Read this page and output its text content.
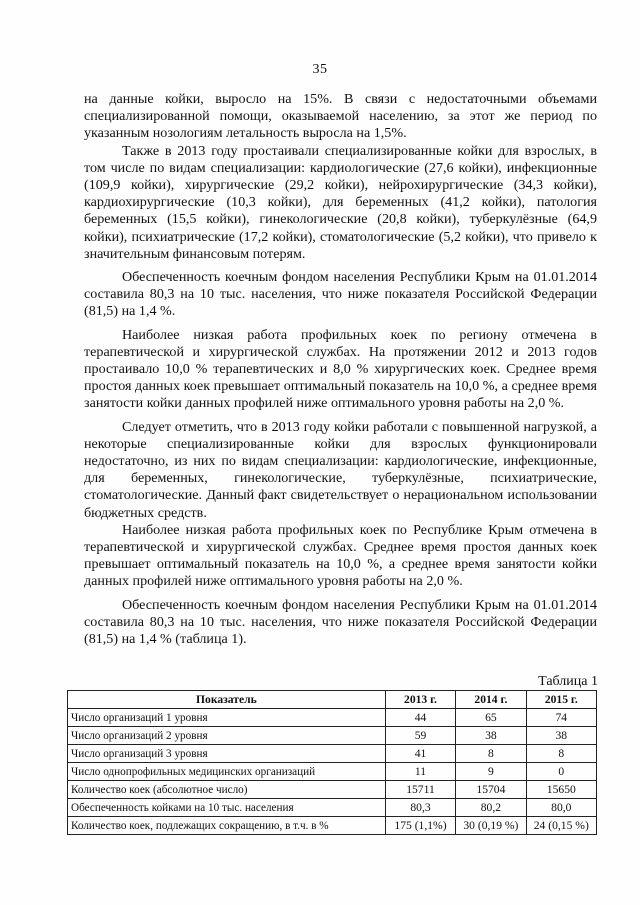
35

на данные койки, выросло на 15%. В связи с недостаточными объемами специализированной помощи, оказываемой населению, за этот же период по указанным нозологиям летальность выросла на 1,5%.

Также в 2013 году простаивали специализированные койки для взрослых, в том числе по видам специализации: кардиологические (27,6 койки), инфекционные (109,9 койки), хирургические (29,2 койки), нейрохирургические (34,3 койки), кардиохирургические (10,3 койки), для беременных (41,2 койки), патология беременных (15,5 койки), гинекологические (20,8 койки), туберкулёзные (64,9 койки), психиатрические (17,2 койки), стоматологические (5,2 койки), что привело к значительным финансовым потерям.

Обеспеченность коечным фондом населения Республики Крым на 01.01.2014 составила 80,3 на 10 тыс. населения, что ниже показателя Российской Федерации (81,5) на 1,4 %.

Наиболее низкая работа профильных коек по региону отмечена в терапевтической и хирургической службах. На протяжении 2012 и 2013 годов простаивало 10,0 % терапевтических и 8,0 % хирургических коек. Среднее время простоя данных коек превышает оптимальный показатель на 10,0 %, а среднее время занятости койки данных профилей ниже оптимального уровня работы на 2,0 %.

Следует отметить, что в 2013 году койки работали с повышенной нагрузкой, а некоторые специализированные койки для взрослых функционировали недостаточно, из них по видам специализации: кардиологические, инфекционные, для беременных, гинекологические, туберкулёзные, психиатрические, стоматологические. Данный факт свидетельствует о нерациональном использовании бюджетных средств.

Наиболее низкая работа профильных коек по Республике Крым отмечена в терапевтической и хирургической службах. Среднее время простоя данных коек превышает оптимальный показатель на 10,0 %, а среднее время занятости койки данных профилей ниже оптимального уровня работы на 2,0 %.

Обеспеченность коечным фондом населения Республики Крым на 01.01.2014 составила 80,3 на 10 тыс. населения, что ниже показателя Российской Федерации (81,5) на 1,4 % (таблица 1).

Таблица 1
Показатель	2013 г.	2014 г.	2015 г.
Число организаций 1 уровня	44	65	74
Число организаций 2 уровня	59	38	38
Число организаций 3 уровня	41	8	8
Число однопрофильных медицинских организаций	11	9	0
Количество коек (абсолютное число)	15711	15704	15650
Обеспеченность койками на 10 тыс. населения	80,3	80,2	80,0
Количество коек, подлежащих сокращению, в т.ч. в %	175 (1,1%)	30 (0,19 %)	24 (0,15 %)
